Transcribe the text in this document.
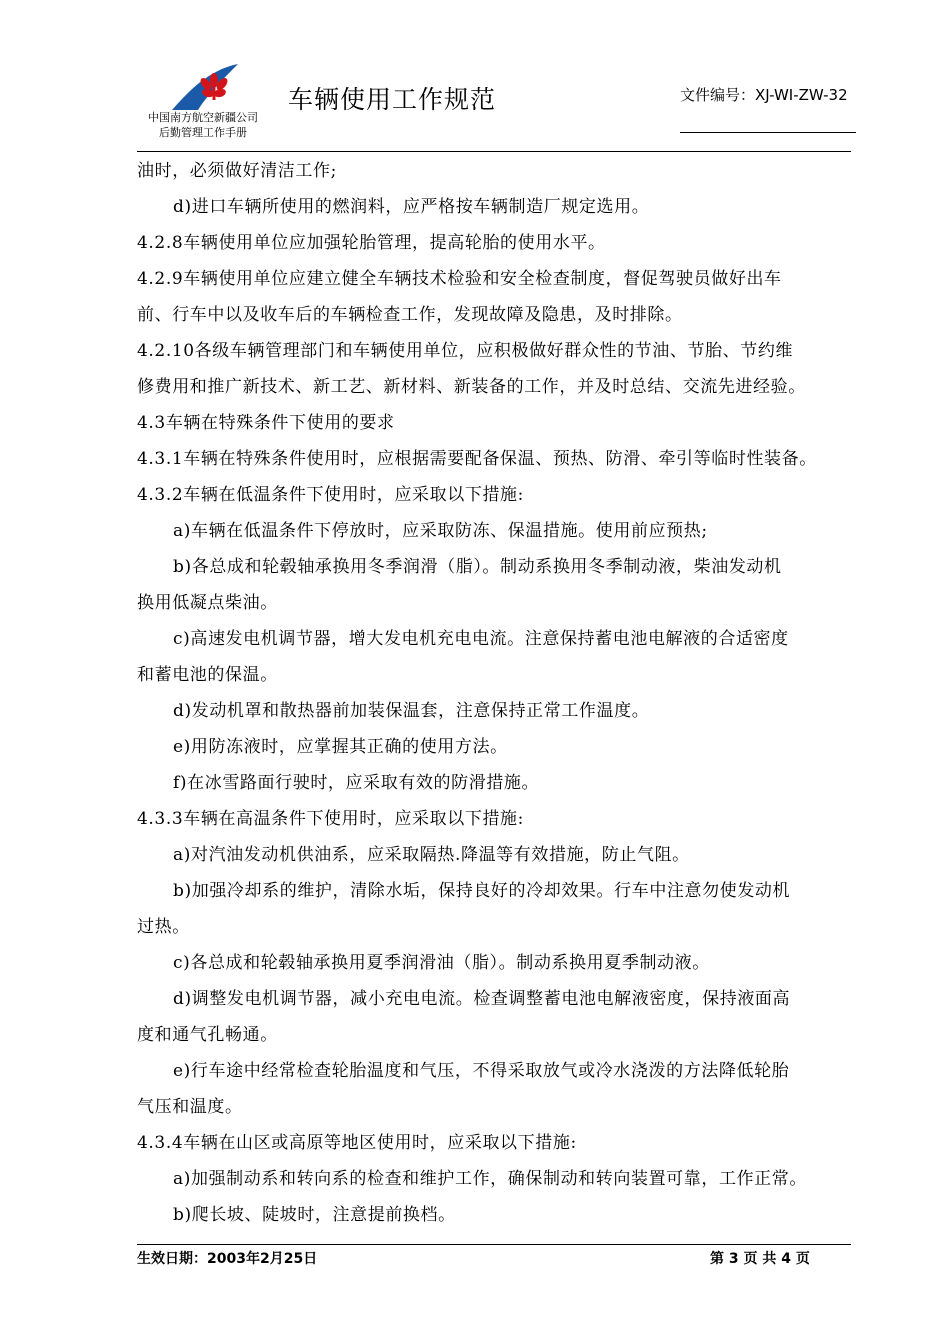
中国南方航空新疆公司
后勤管理工作手册
车辆使用工作规范	文件编号：XJ-WI-ZW-32
油时，必须做好清洁工作;
d)进口车辆所使用的燃润料，应严格按车辆制造厂规定选用。
4.2.8车辆使用单位应加强轮胎管理，提高轮胎的使用水平。
4.2.9车辆使用单位应建立健全车辆技术检验和安全检查制度，督促驾驶员做好出车
前、行车中以及收车后的车辆检查工作，发现故障及隐患，及时排除。
4.2.10各级车辆管理部门和车辆使用单位，应积极做好群众性的节油、节胎、节约维
修费用和推广新技术、新工艺、新材料、新装备的工作，并及时总结、交流先进经验。
4.3车辆在特殊条件下使用的要求
4.3.1车辆在特殊条件使用时，应根据需要配备保温、预热、防滑、牵引等临时性装备。
4.3.2车辆在低温条件下使用时，应采取以下措施:
a)车辆在低温条件下停放时，应采取防冻、保温措施。使用前应预热;
b)各总成和轮毂轴承换用冬季润滑（脂）。制动系换用冬季制动液，柴油发动机
换用低凝点柴油。
c)高速发电机调节器，增大发电机充电电流。注意保持蓄电池电解液的合适密度
和蓄电池的保温。
d)发动机罩和散热器前加装保温套，注意保持正常工作温度。
e)用防冻液时，应掌握其正确的使用方法。
f)在冰雪路面行驶时，应采取有效的防滑措施。
4.3.3车辆在高温条件下使用时，应采取以下措施:
a)对汽油发动机供油系，应采取隔热.降温等有效措施，防止气阻。
b)加强冷却系的维护，清除水垢，保持良好的冷却效果。行车中注意勿使发动机
过热。
c)各总成和轮毂轴承换用夏季润滑油（脂）。制动系换用夏季制动液。
d)调整发电机调节器，减小充电电流。检查调整蓄电池电解液密度，保持液面高
度和通气孔畅通。
e)行车途中经常检查轮胎温度和气压，不得采取放气或冷水浇泼的方法降低轮胎
气压和温度。
4.3.4车辆在山区或高原等地区使用时，应采取以下措施:
a)加强制动系和转向系的检查和维护工作，确保制动和转向装置可靠，工作正常。
b)爬长坡、陡坡时，注意提前换档。
生效日期：2003年2月25日	第 3 页 共 4 页
